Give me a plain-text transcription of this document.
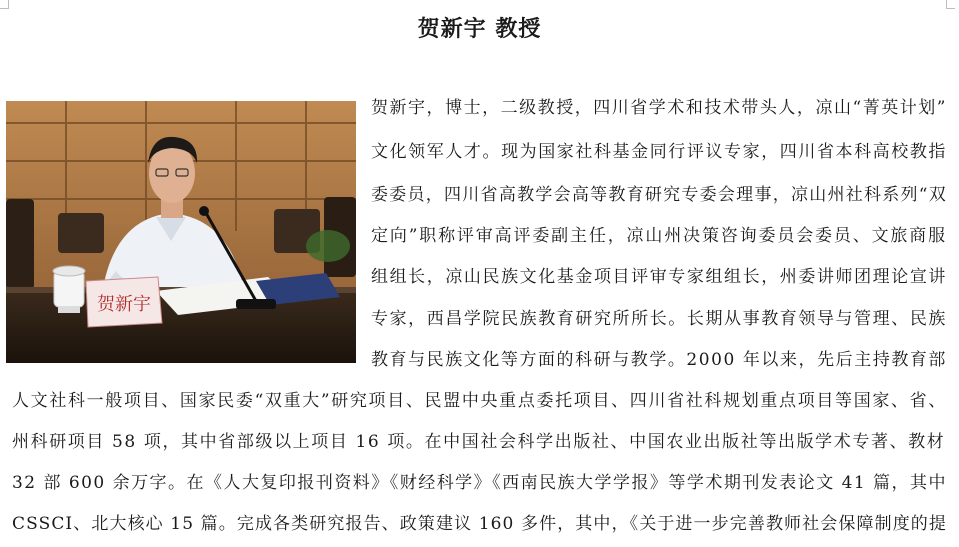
贺新宇 教授
贺新宇
贺新宇，博士，二级教授，四川省学术和技术带头人，凉山“菁英计划”
文化领军人才。现为国家社科基金同行评议专家，四川省本科高校教指
委委员，四川省高教学会高等教育研究专委会理事，凉山州社科系列“双
定向”职称评审高评委副主任，凉山州决策咨询委员会委员、文旅商服
组组长，凉山民族文化基金项目评审专家组组长，州委讲师团理论宣讲
专家，西昌学院民族教育研究所所长。长期从事教育领导与管理、民族
教育与民族文化等方面的科研与教学。2000 年以来，先后主持教育部
人文社科一般项目、国家民委“双重大”研究项目、民盟中央重点委托项目、四川省社科规划重点项目等国家、省、
州科研项目 58 项，其中省部级以上项目 16 项。在中国社会科学出版社、中国农业出版社等出版学术专著、教材
32 部 600 余万字。在《人大复印报刊资料》《财经科学》《西南民族大学学报》等学术期刊发表论文 41 篇，其中
CSSCI、北大核心 15 篇。完成各类研究报告、政策建议 160 多件，其中，《关于进一步完善教师社会保障制度的提
